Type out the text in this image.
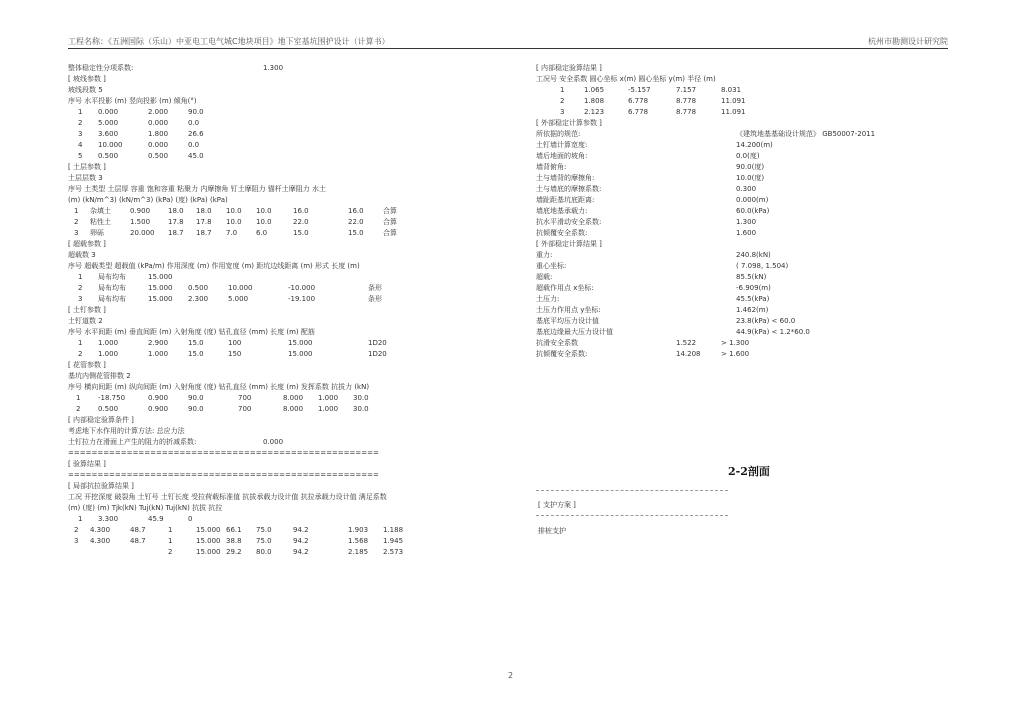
工程名称：《五洲国际（乐山）中亚电工电气城C地块项目》地下室基坑围护设计（计算书）	杭州市勘测设计研究院
整体稳定性分项系数:	1.300
[ 坡线参数 ]
坡线段数 5
序号 水平投影 (m) 竖向投影 (m) 倾角(°)
1 0.000	2.000	90.0
2 5.000	0.000	0.0
3 3.600	1.800	26.6
4 10.000	0.000	0.0
5 0.500	0.500	45.0
[ 土层参数 ]
土层层数 3
序号 土类型 土层厚 容重 饱和容重 粘聚力 内摩擦角 钉土摩阻力 锚杆土摩阻力 水土
(m) (kN/m^3) (kN/m^3) (kPa) (度) (kPa) (kPa)
1 杂填土	0.900	18.0 18.0 10.0 10.0	16.0	16.0	合算
2 粘性土	1.500	17.8 17.8 10.0 10.0	22.0	22.0	合算
3 卵砾	20.000 18.7 18.7 7.0	6.0	15.0	15.0	合算
[ 超载参数 ]
超载数 3
序号 超载类型 超载值 (kPa/m) 作用深度 (m) 作用宽度 (m) 距坑边线距离 (m) 形式 长度 (m)
1 局布均布	15.000
2 局布均布	15.000 0.500	10.000	-10.000	条形
3 局布均布	15.000 2.300	5.000	-19.100	条形
[ 土钉参数 ]
土钉道数 2
序号 水平间距 (m) 垂直间距 (m) 入射角度 (度) 钻孔直径 (mm) 长度 (m) 配筋
1 1.000	2.900	15.0	100	15.000	1D20
2 1.000	1.000	15.0	150	15.000	1D20
[ 花管参数 ]
基坑内侧花管排数 2
序号 横向间距 (m) 纵向间距 (m) 入射角度 (度) 钻孔直径 (mm) 长度 (m) 发挥系数 抗拔力 (kN)
1	-18.750	0.900	90.0	700	8.000 1.000 30.0
2	0.500	0.900	90.0	700	8.000 1.000 30.0
[ 内部稳定验算条件 ]
考虑地下水作用的计算方法: 总应力法
土钉拉力在滑面上产生的阻力的折减系数:	0.000
=====================================================
[ 验算结果 ]
=====================================================
[ 局部抗拉验算结果 ]
工况 开挖深度 破裂角 土钉号 土钉长度 受拉荷载标准值 抗拔承载力设计值 抗拉承载力设计值 满足系数
(m) (度) (m) Tjk(kN) Tuj(kN) Tuj(kN) 抗拔 抗拉
1 3.300	45.9	0
2 4.300	48.7	1	15.000 66.1 75.0	94.2	1.903 1.188
3 4.300	48.7	1	15.000 38.8 75.0	94.2	1.568 1.945
2	15.000 29.2 80.0	94.2	2.185 2.573
[ 内部稳定验算结果 ]
工况号 安全系数 圆心坐标 x(m) 圆心坐标 y(m) 半径 (m)
1	1.065	-5.157	7.157	8.031
2	1.808	6.778	8.778	11.091
3	2.123	6.778	8.778	11.091
[ 外部稳定计算参数 ]
所依据的规范:	《建筑地基基础设计规范》 GB50007-2011
土钉墙计算宽度:	14.200(m)
墙后地面的坡角:	0.0(度)
墙背俯角:	90.0(度)
土与墙背的摩擦角:	10.0(度)
土与墙底的摩擦系数:	0.300
墙趾距基坑底距离:	0.000(m)
墙底地基承载力:	60.0(kPa)
抗水平滑动安全系数:	1.300
抗倾覆安全系数:	1.600
[ 外部稳定计算结果 ]
重力:	240.8(kN)
重心坐标:	( 7.098, 1.504)
超载:	85.5(kN)
超载作用点 x坐标:	-6.909(m)
土压力:	45.5(kPa)
土压力作用点 y坐标:	1.462(m)
基底平均压力设计值	23.8(kPa) < 60.0
基底边缘最大压力设计值	44.9(kPa) < 1.2*60.0
抗滑安全系数	1.522	> 1.300
抗倾覆安全系数:	14.208	> 1.600
2-2剖面
[ 支护方案 ]
排桩支护
2
